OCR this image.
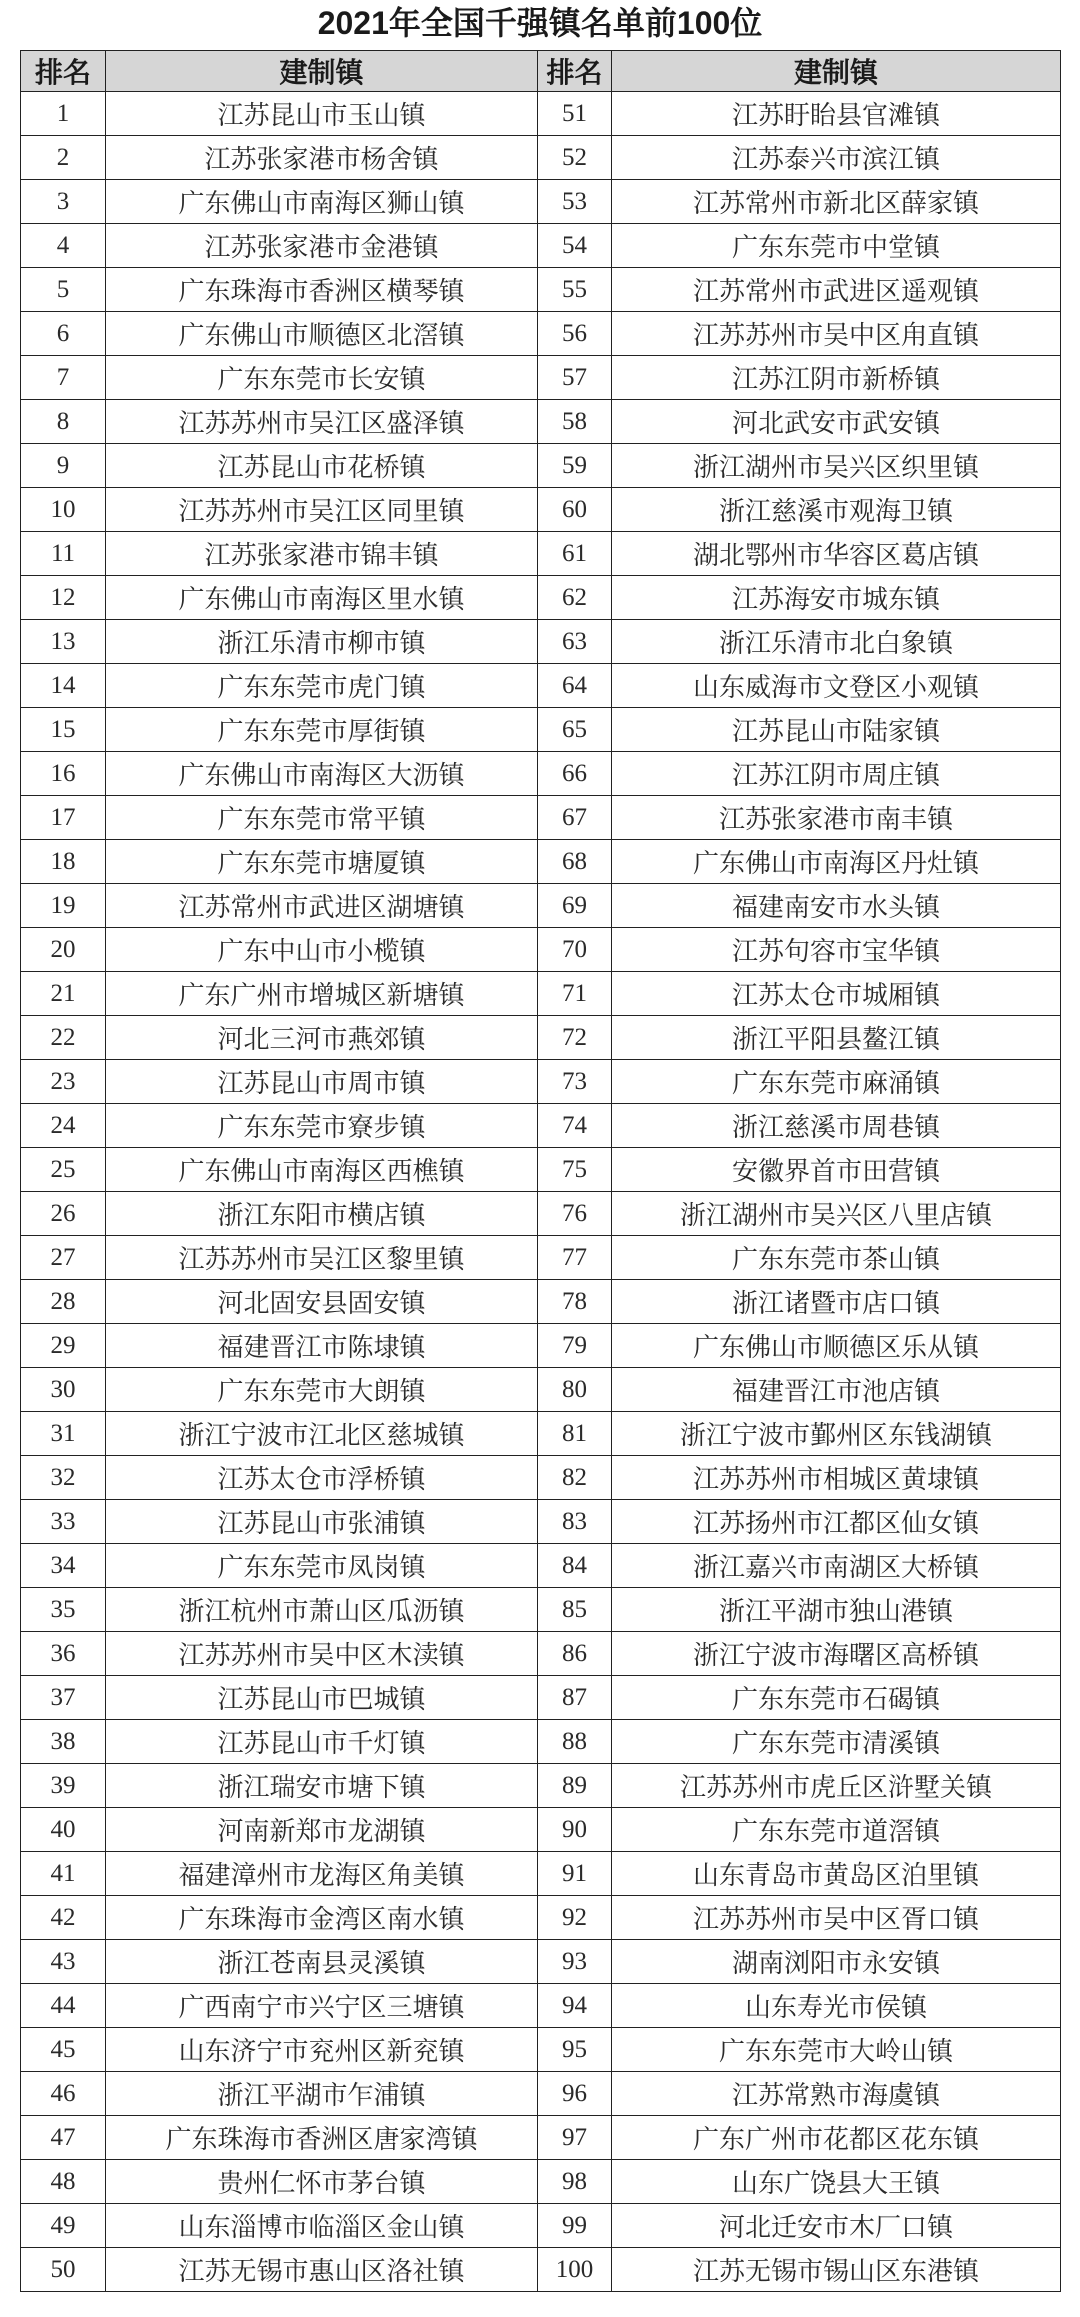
2021年全国千强镇名单前100位
排名	建制镇	排名	建制镇
1	江苏昆山市玉山镇	51	江苏盱眙县官滩镇
2	江苏张家港市杨舍镇	52	江苏泰兴市滨江镇
3	广东佛山市南海区狮山镇	53	江苏常州市新北区薛家镇
4	江苏张家港市金港镇	54	广东东莞市中堂镇
5	广东珠海市香洲区横琴镇	55	江苏常州市武进区遥观镇
6	广东佛山市顺德区北滘镇	56	江苏苏州市吴中区甪直镇
7	广东东莞市长安镇	57	江苏江阴市新桥镇
8	江苏苏州市吴江区盛泽镇	58	河北武安市武安镇
9	江苏昆山市花桥镇	59	浙江湖州市吴兴区织里镇
10	江苏苏州市吴江区同里镇	60	浙江慈溪市观海卫镇
11	江苏张家港市锦丰镇	61	湖北鄂州市华容区葛店镇
12	广东佛山市南海区里水镇	62	江苏海安市城东镇
13	浙江乐清市柳市镇	63	浙江乐清市北白象镇
14	广东东莞市虎门镇	64	山东威海市文登区小观镇
15	广东东莞市厚街镇	65	江苏昆山市陆家镇
16	广东佛山市南海区大沥镇	66	江苏江阴市周庄镇
17	广东东莞市常平镇	67	江苏张家港市南丰镇
18	广东东莞市塘厦镇	68	广东佛山市南海区丹灶镇
19	江苏常州市武进区湖塘镇	69	福建南安市水头镇
20	广东中山市小榄镇	70	江苏句容市宝华镇
21	广东广州市增城区新塘镇	71	江苏太仓市城厢镇
22	河北三河市燕郊镇	72	浙江平阳县鳌江镇
23	江苏昆山市周市镇	73	广东东莞市麻涌镇
24	广东东莞市寮步镇	74	浙江慈溪市周巷镇
25	广东佛山市南海区西樵镇	75	安徽界首市田营镇
26	浙江东阳市横店镇	76	浙江湖州市吴兴区八里店镇
27	江苏苏州市吴江区黎里镇	77	广东东莞市茶山镇
28	河北固安县固安镇	78	浙江诸暨市店口镇
29	福建晋江市陈埭镇	79	广东佛山市顺德区乐从镇
30	广东东莞市大朗镇	80	福建晋江市池店镇
31	浙江宁波市江北区慈城镇	81	浙江宁波市鄞州区东钱湖镇
32	江苏太仓市浮桥镇	82	江苏苏州市相城区黄埭镇
33	江苏昆山市张浦镇	83	江苏扬州市江都区仙女镇
34	广东东莞市凤岗镇	84	浙江嘉兴市南湖区大桥镇
35	浙江杭州市萧山区瓜沥镇	85	浙江平湖市独山港镇
36	江苏苏州市吴中区木渎镇	86	浙江宁波市海曙区高桥镇
37	江苏昆山市巴城镇	87	广东东莞市石碣镇
38	江苏昆山市千灯镇	88	广东东莞市清溪镇
39	浙江瑞安市塘下镇	89	江苏苏州市虎丘区浒墅关镇
40	河南新郑市龙湖镇	90	广东东莞市道滘镇
41	福建漳州市龙海区角美镇	91	山东青岛市黄岛区泊里镇
42	广东珠海市金湾区南水镇	92	江苏苏州市吴中区胥口镇
43	浙江苍南县灵溪镇	93	湖南浏阳市永安镇
44	广西南宁市兴宁区三塘镇	94	山东寿光市侯镇
45	山东济宁市兖州区新兖镇	95	广东东莞市大岭山镇
46	浙江平湖市乍浦镇	96	江苏常熟市海虞镇
47	广东珠海市香洲区唐家湾镇	97	广东广州市花都区花东镇
48	贵州仁怀市茅台镇	98	山东广饶县大王镇
49	山东淄博市临淄区金山镇	99	河北迁安市木厂口镇
50	江苏无锡市惠山区洛社镇	100	江苏无锡市锡山区东港镇
